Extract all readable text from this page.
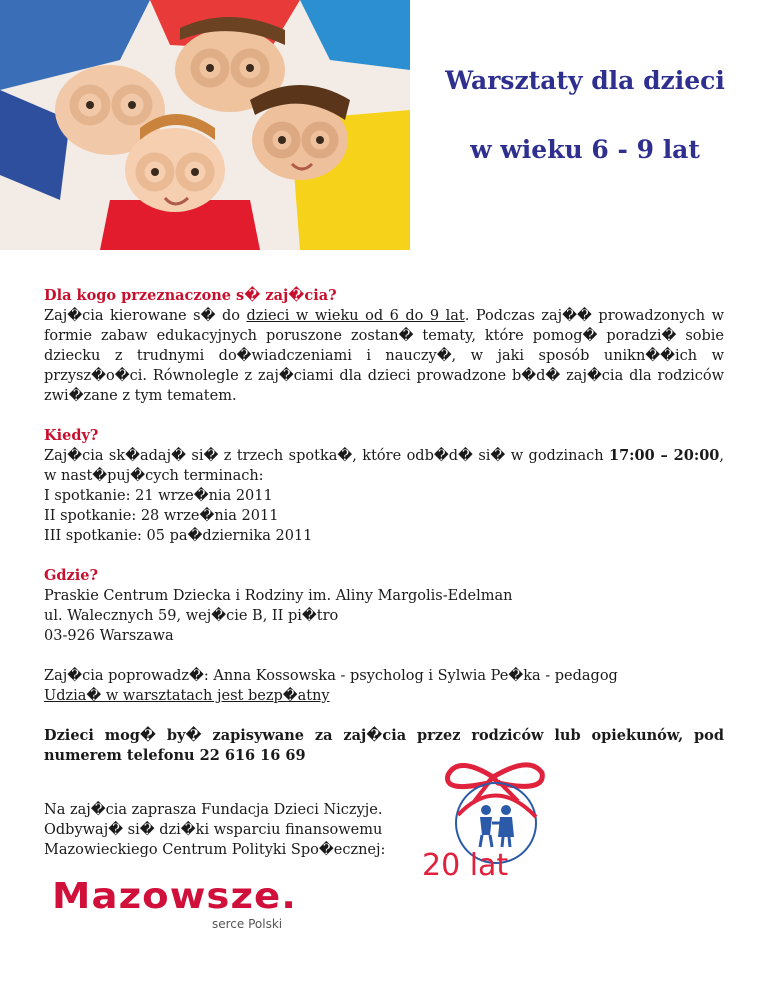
Warsztaty dla dzieci
w wieku 6 - 9 lat

Dla kogo przeznaczone s� zaj�cia?

Zaj�cia kierowane s� do dzieci w wieku od 6 do 9 lat. Podczas zaj�� prowadzonych w formie zabaw edukacyjnych poruszone zostan� tematy, które pomog� poradzi� sobie dziecku z trudnymi do�wiadczeniami i nauczy�, w jaki sposób unikn��ich w przysz�o�ci. Równolegle z zaj�ciami dla dzieci prowadzone b�d� zaj�cia dla rodziców zwi�zane z tym tematem.

Kiedy?

Zaj�cia sk�adaj� si� z trzech spotka�, które odb�d� si� w godzinach 17:00 – 20:00, w nast�puj�cych terminach:

I spotkanie: 21 wrze�nia 2011

II spotkanie: 28 wrze�nia 2011

III spotkanie: 05 pa�dziernika 2011

Gdzie?

Praskie Centrum Dziecka i Rodziny im. Aliny Margolis-Edelman

ul. Walecznych 59, wej�cie B, II pi�tro

03-926 Warszawa

Zaj�cia poprowadz�: Anna Kossowska - psycholog i Sylwia Pe�ka - pedagog

Udzia� w warsztatach jest bezp�atny

Dzieci mog� by� zapisywane za zaj�cia przez rodziców lub opiekunów, pod numerem telefonu 22 616 16 69

Na zaj�cia zaprasza Fundacja Dzieci Niczyje.

Odbywaj� si� dzi�ki wsparciu finansowemu

Mazowieckiego Centrum Polityki Spo�ecznej:	20 lat
Mazowsze.
serce Polski
